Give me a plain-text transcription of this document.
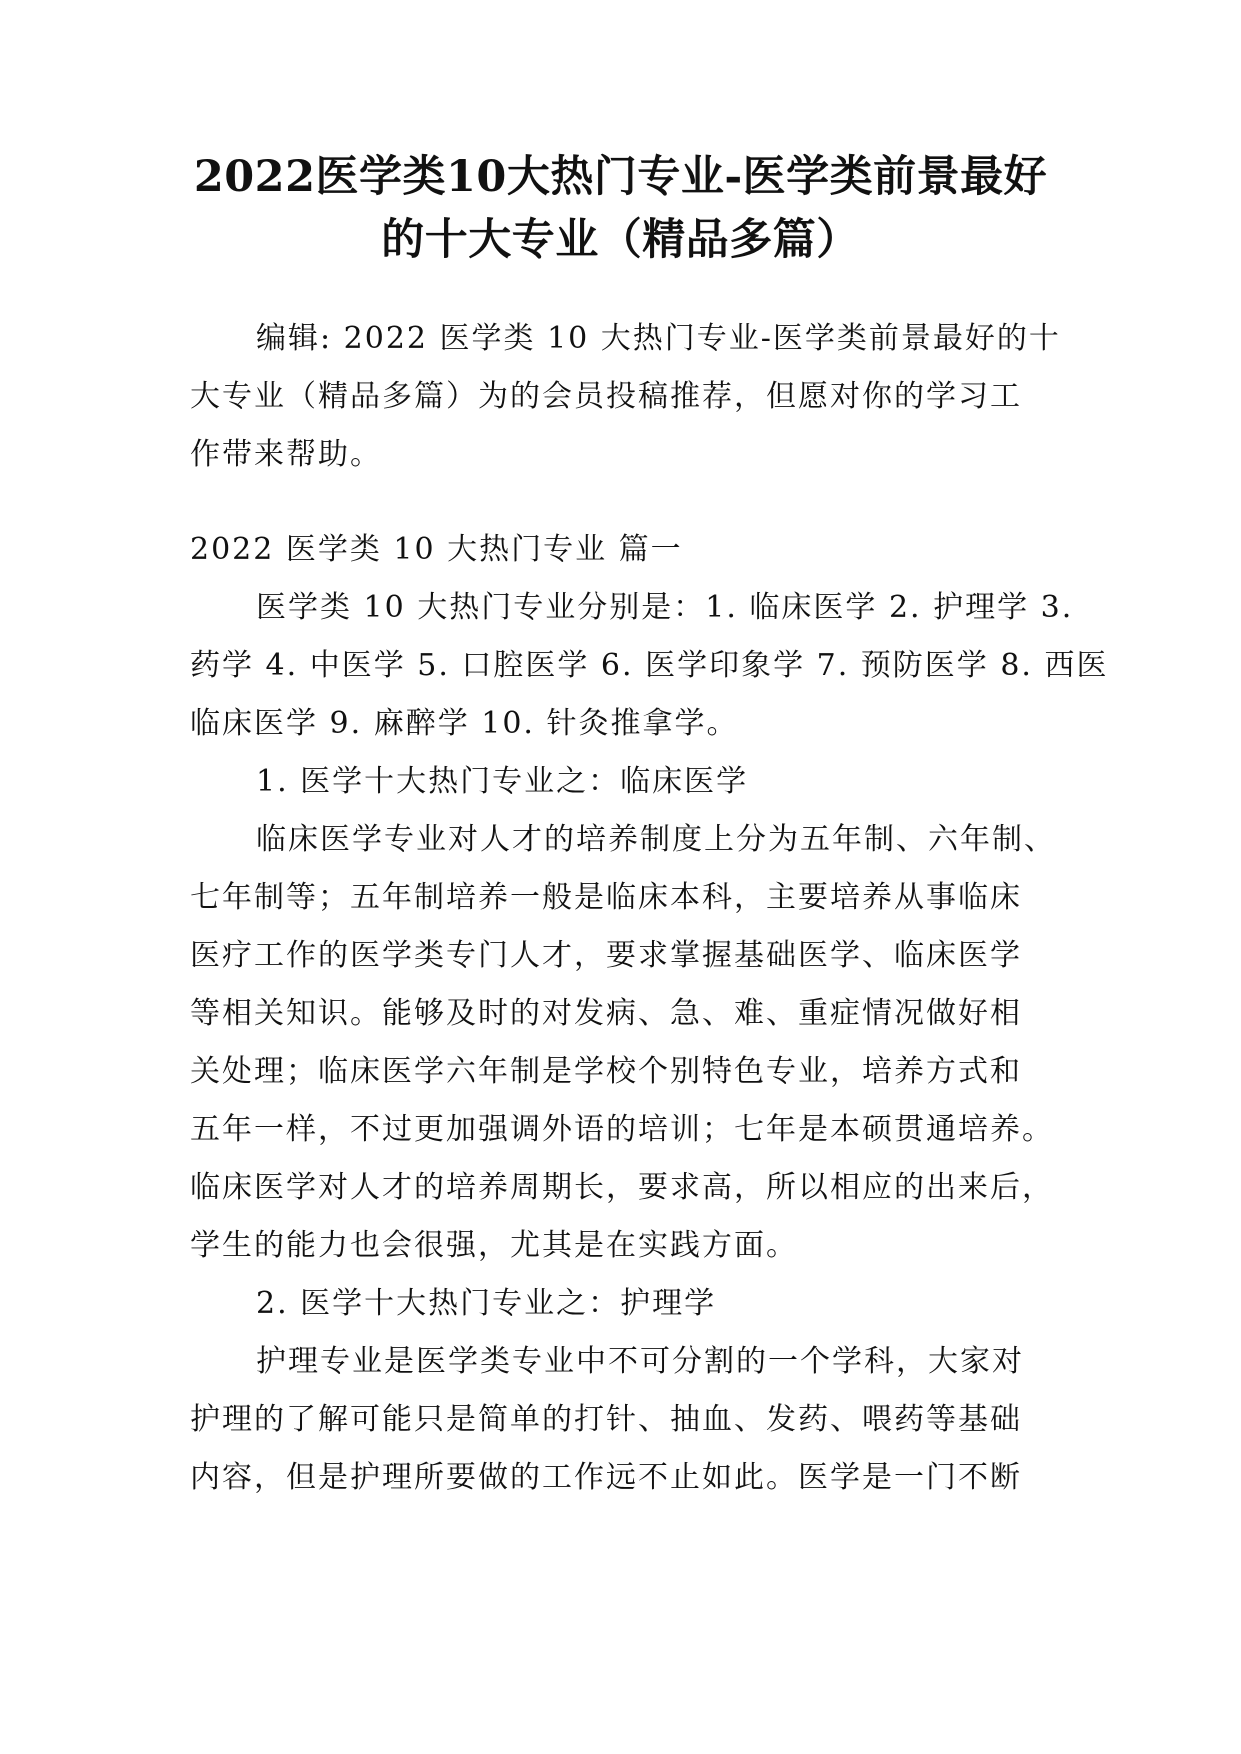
2022医学类10大热门专业-医学类前景最好
的十大专业（精品多篇）
编辑: 2022 医学类 10 大热门专业-医学类前景最好的十
大专业（精品多篇）为的会员投稿推荐，但愿对你的学习工
作带来帮助。
2022 医学类 10 大热门专业 篇一
医学类 10 大热门专业分别是：1. 临床医学 2. 护理学 3.
药学 4. 中医学 5. 口腔医学 6. 医学印象学 7. 预防医学 8. 西医
临床医学 9. 麻醉学 10. 针灸推拿学。
1. 医学十大热门专业之：临床医学
临床医学专业对人才的培养制度上分为五年制、六年制、
七年制等；五年制培养一般是临床本科，主要培养从事临床
医疗工作的医学类专门人才，要求掌握基础医学、临床医学
等相关知识。能够及时的对发病、急、难、重症情况做好相
关处理；临床医学六年制是学校个别特色专业，培养方式和
五年一样，不过更加强调外语的培训；七年是本硕贯通培养。
临床医学对人才的培养周期长，要求高，所以相应的出来后，
学生的能力也会很强，尤其是在实践方面。
2. 医学十大热门专业之：护理学
护理专业是医学类专业中不可分割的一个学科，大家对
护理的了解可能只是简单的打针、抽血、发药、喂药等基础
内容，但是护理所要做的工作远不止如此。医学是一门不断
